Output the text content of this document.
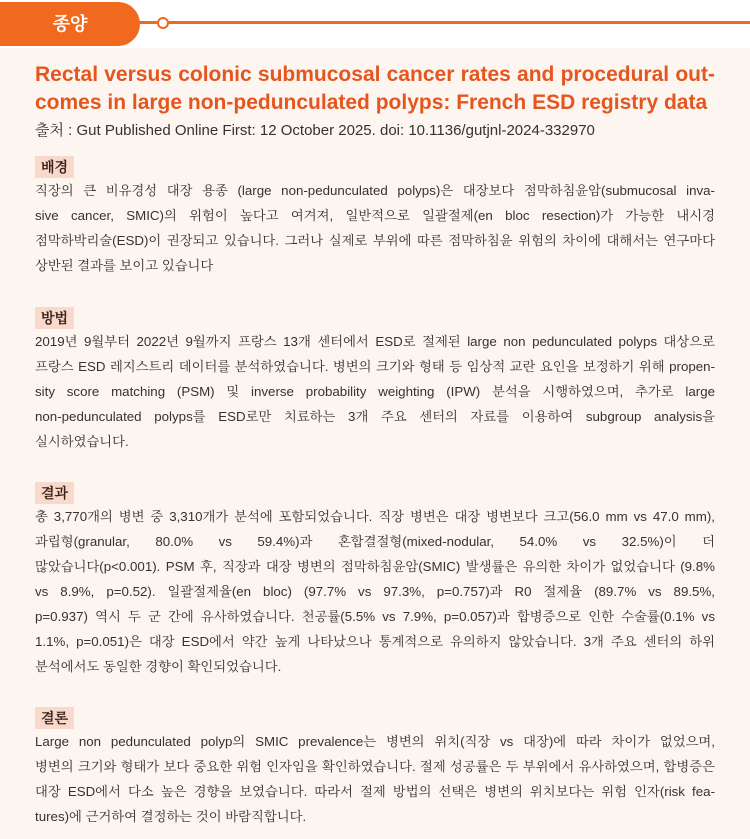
종양
Rectal versus colonic submucosal cancer rates and procedural out-
comes in large non-pedunculated polyps: French ESD registry data
출처 : Gut Published Online First: 12 October 2025. doi: 10.1136/gutjnl-2024-332970
배경
직장의 큰 비유경성 대장 용종 (large non-pedunculated polyps)은 대장보다 점막하침윤암(submucosal inva-
sive cancer, SMIC)의 위험이 높다고 여겨져, 일반적으로 일괄절제(en bloc resection)가 가능한 내시경
점막하박리술(ESD)이 권장되고 있습니다. 그러나 실제로 부위에 따른 점막하침윤 위험의 차이에 대해서는 연구마다
상반된 결과를 보이고 있습니다
방법
2019년 9월부터 2022년 9월까지 프랑스 13개 센터에서 ESD로 절제된 large non pedunculated polyps 대상으로
프랑스 ESD 레지스트리 데이터를 분석하였습니다. 병변의 크기와 형태 등 임상적 교란 요인을 보정하기 위해 propen-
sity score matching (PSM) 및 inverse probability weighting (IPW) 분석을 시행하였으며, 추가로 large
non-pedunculated polyps를 ESD로만 치료하는 3개 주요 센터의 자료를 이용하여 subgroup analysis을
실시하였습니다.
결과
총 3,770개의 병변 중 3,310개가 분석에 포함되었습니다. 직장 병변은 대장 병변보다 크고(56.0 mm vs 47.0 mm),
과립형(granular, 80.0% vs 59.4%)과 혼합결절형(mixed-nodular, 54.0% vs 32.5%)이 더
많았습니다(p<0.001). PSM 후, 직장과 대장 병변의 점막하침윤암(SMIC) 발생률은 유의한 차이가 없었습니다 (9.8%
vs 8.9%, p=0.52). 일괄절제율(en bloc) (97.7% vs 97.3%, p=0.757)과 R0 절제율 (89.7% vs 89.5%,
p=0.937) 역시 두 군 간에 유사하였습니다. 천공률(5.5% vs 7.9%, p=0.057)과 합병증으로 인한 수술률(0.1% vs
1.1%, p=0.051)은 대장 ESD에서 약간 높게 나타났으나 통계적으로 유의하지 않았습니다. 3개 주요 센터의 하위
분석에서도 동일한 경향이 확인되었습니다.
결론
Large non pedunculated polyp의 SMIC prevalence는 병변의 위치(직장 vs 대장)에 따라 차이가 없었으며,
병변의 크기와 형태가 보다 중요한 위험 인자임을 확인하였습니다. 절제 성공률은 두 부위에서 유사하였으며, 합병증은
대장 ESD에서 다소 높은 경향을 보였습니다. 따라서 절제 방법의 선택은 병변의 위치보다는 위험 인자(risk fea-
tures)에 근거하여 결정하는 것이 바람직합니다.
